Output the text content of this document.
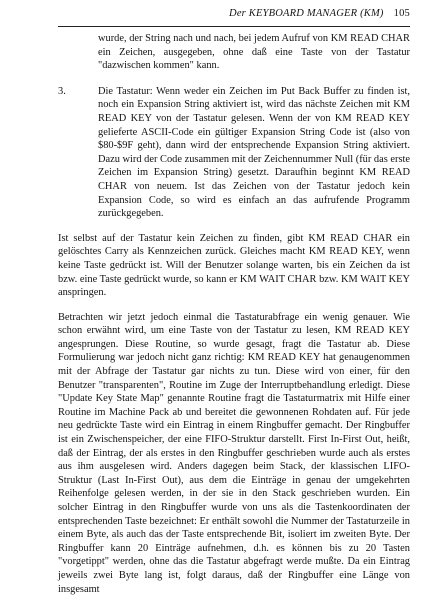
Der KEYBOARD MANAGER (KM) 105

wurde, der String nach und nach, bei jedem Aufruf von KM READ CHAR ein Zeichen, ausgegeben, ohne daß eine Taste von der Tastatur "dazwischen kommen" kann.

3.	Die Tastatur: Wenn weder ein Zeichen im Put Back Buffer zu finden ist, noch ein Expansion String aktiviert ist, wird das nächste Zeichen mit KM READ KEY von der Tastatur gelesen. Wenn der von KM READ KEY gelieferte ASCII-Code ein gültiger Expansion String Code ist (also von $80-$9F geht), dann wird der entsprechende Expansion String aktiviert. Dazu wird der Code zusammen mit der Zeichennummer Null (für das erste Zeichen im Expansion String) gesetzt. Daraufhin beginnt KM READ CHAR von neuem. Ist das Zeichen von der Tastatur jedoch kein Expansion Code, so wird es einfach an das aufrufende Programm zurückgegeben.

Ist selbst auf der Tastatur kein Zeichen zu finden, gibt KM READ CHAR ein gelöschtes Carry als Kennzeichen zurück. Gleiches macht KM READ KEY, wenn keine Taste gedrückt ist. Will der Benutzer solange warten, bis ein Zeichen da ist bzw. eine Taste gedrückt wurde, so kann er KM WAIT CHAR bzw. KM WAIT KEY anspringen.

Betrachten wir jetzt jedoch einmal die Tastaturabfrage ein wenig genauer. Wie schon erwähnt wird, um eine Taste von der Tastatur zu lesen, KM READ KEY angesprungen. Diese Routine, so wurde gesagt, fragt die Tastatur ab. Diese Formulierung war jedoch nicht ganz richtig: KM READ KEY hat genaugenommen mit der Abfrage der Tastatur gar nichts zu tun. Diese wird von einer, für den Benutzer "transparenten", Routine im Zuge der Interruptbehandlung erledigt. Diese "Update Key State Map" genannte Routine fragt die Tastaturmatrix mit Hilfe einer Routine im Machine Pack ab und bereitet die gewonnenen Rohdaten auf. Für jede neu gedrückte Taste wird ein Eintrag in einem Ringbuffer gemacht. Der Ringbuffer ist ein Zwischenspeicher, der eine FIFO-Struktur darstellt. First In-First Out, heißt, daß der Eintrag, der als erstes in den Ringbuffer geschrieben wurde auch als erstes aus ihm ausgelesen wird. Anders dagegen beim Stack, der klassischen LIFO-Struktur (Last In-First Out), aus dem die Einträge in genau der umgekehrten Reihenfolge gelesen werden, in der sie in den Stack geschrieben wurden. Ein solcher Eintrag in den Ringbuffer wurde von uns als die Tastenkoordinaten der entsprechenden Taste bezeichnet: Er enthält sowohl die Nummer der Tastaturzeile in einem Byte, als auch das der Taste entsprechende Bit, isoliert im zweiten Byte. Der Ringbuffer kann 20 Einträge aufnehmen, d.h. es können bis zu 20 Tasten "vorgetippt" werden, ohne das die Tastatur abgefragt werde mußte. Da ein Eintrag jeweils zwei Byte lang ist, folgt daraus, daß der Ringbuffer eine Länge von insgesamt
